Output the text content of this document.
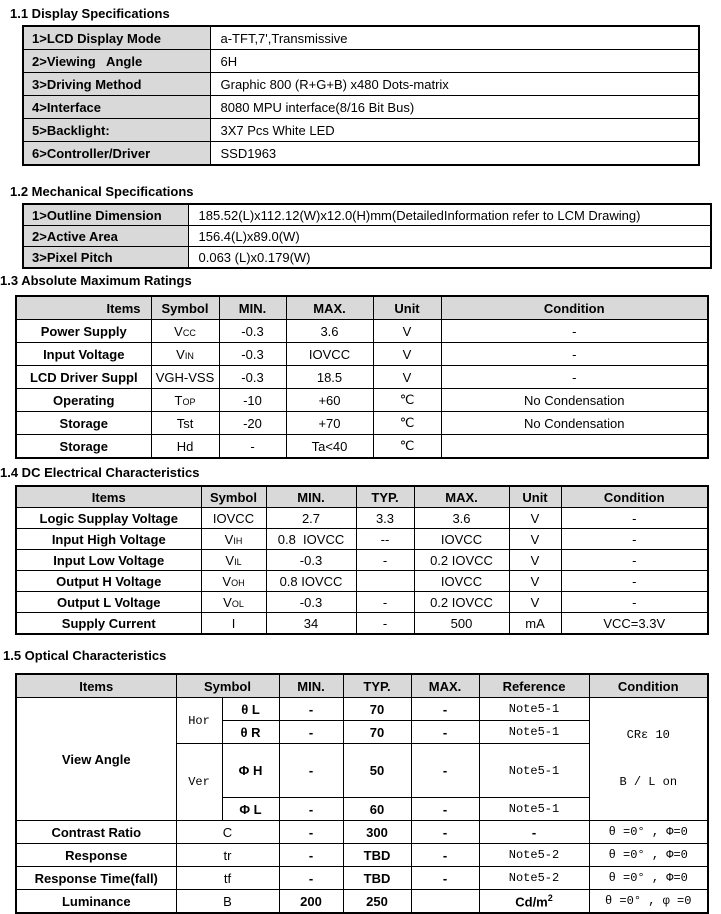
1.1 Display Specifications
1>LCD Display Mode	a-TFT,7',Transmissive
2>Viewing   Angle	6H
3>Driving Method	Graphic 800 (R+G+B) x480 Dots-matrix
4>Interface	8080 MPU interface(8/16 Bit Bus)
5>Backlight:	3X7 Pcs White LED
6>Controller/Driver	SSD1963
1.2 Mechanical Specifications
1>Outline Dimension	185.52(L)x112.12(W)x12.0(H)mm(DetailedInformation refer to LCM Drawing)
2>Active Area	156.4(L)x89.0(W)
3>Pixel Pitch	0.063 (L)x0.179(W)
1.3 Absolute Maximum Ratings
Items	Symbol	MIN.	MAX.	Unit	Condition
Power Supply	VCC	-0.3	3.6	V	-
Input Voltage	VIN	-0.3	IOVCC	V	-
LCD Driver Suppl	VGH-VSS	-0.3	18.5	V	-
Operating	TOP	-10	+60	℃	No Condensation
Storage	Tst	-20	+70	℃	No Condensation
Storage	Hd	-	Ta<40	℃	
1.4 DC Electrical Characteristics
Items	Symbol	MIN.	TYP.	MAX.	Unit	Condition
Logic Supplay Voltage	IOVCC	2.7	3.3	3.6	V	-
Input High Voltage	VIH	0.8  IOVCC	--	IOVCC	V	-
Input Low Voltage	VIL	-0.3	-	0.2 IOVCC	V	-
Output H Voltage	VOH	0.8 IOVCC		IOVCC	V	-
Output L Voltage	VOL	-0.3	-	0.2 IOVCC	V	-
Supply Current	I	34	-	500	mA	VCC=3.3V
1.5 Optical Characteristics
Items	Symbol		MIN.	TYP.	MAX.	Reference	Condition
View Angle	Hor	θ L	-	70	-	Note5-1	CRε 10

B / L on

		θ R	-	70	-	Note5-1	
	Ver	Φ H	-	50	-	Note5-1	
		Φ L	-	60	-	Note5-1	
Contrast Ratio	C		-	300	-	-	θ =0° , Φ=0
Response	tr		-	TBD	-	Note5-2	θ =0° , Φ=0
Response Time(fall)	tf		-	TBD	-	Note5-2	θ =0° , Φ=0
Luminance	B		200	250		$Cd/m^2$	θ =0° , φ =0
